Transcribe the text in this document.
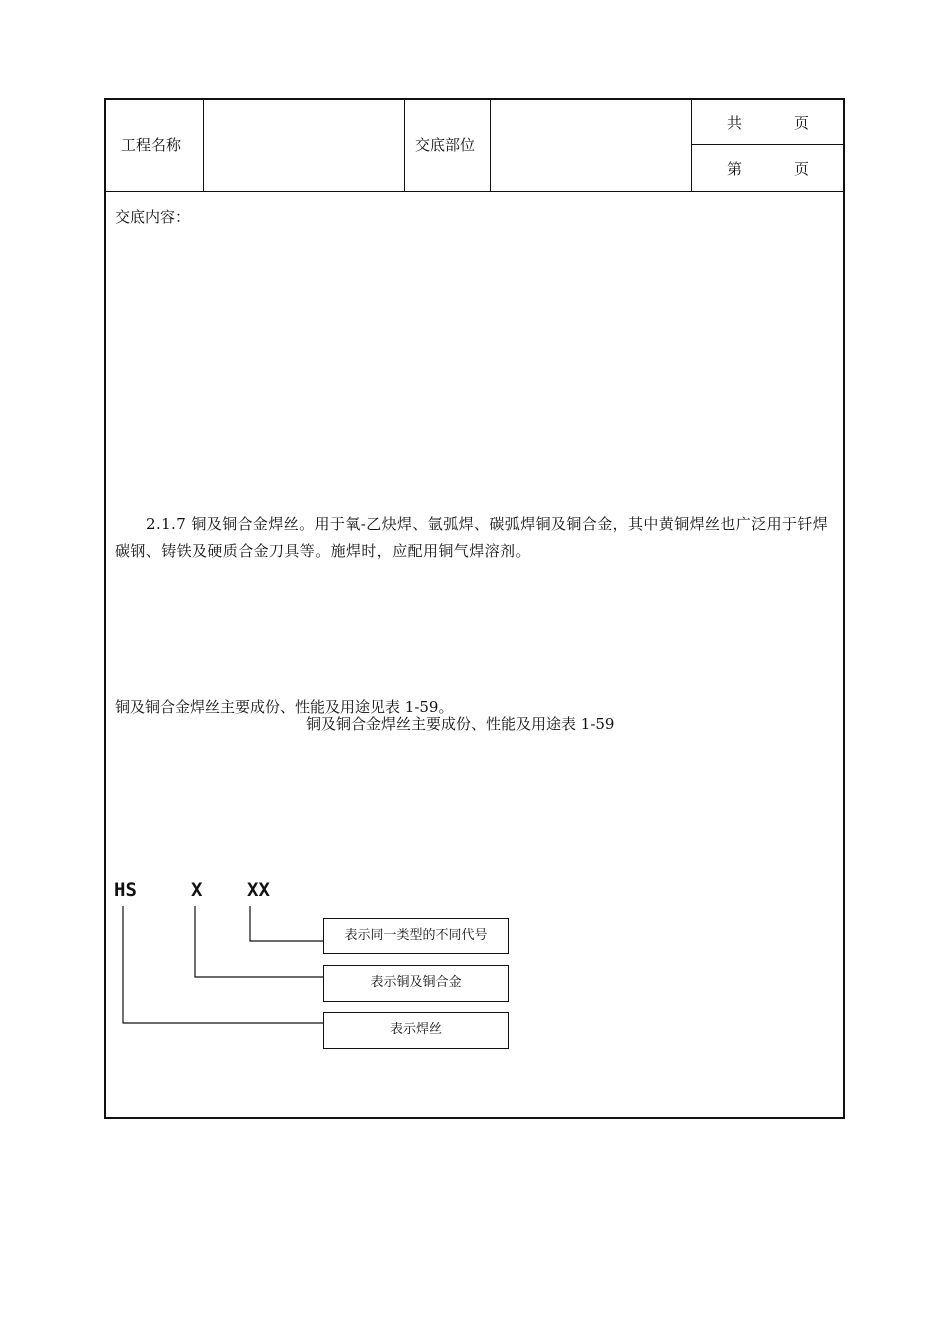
工程名称	交底部位
共	页
第	页
交底内容：
2.1.7 铜及铜合金焊丝。用于氧-乙炔焊、氩弧焊、碳弧焊铜及铜合金，其中黄铜焊丝也广泛用于钎焊碳钢、铸铁及硬质合金刀具等。施焊时，应配用铜气焊溶剂。
铜及铜合金焊丝主要成份、性能及用途见表 1-59。
铜及铜合金焊丝主要成份、性能及用途表 1-59
HS	X XX
表示同一类型的不同代号
表示铜及铜合金
表示焊丝
